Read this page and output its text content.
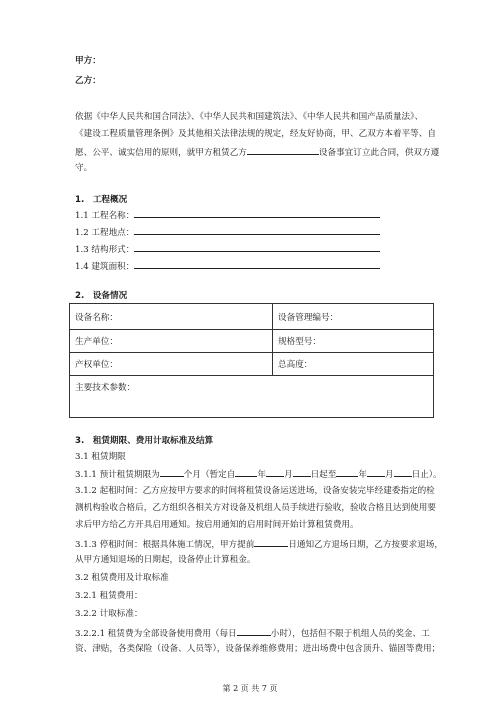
甲方：
乙方：
依据《中华人民共和国合同法》、《中华人民共和国建筑法》、《中华人民共和国产品质量法》、
《建设工程质量管理条例》及其他相关法律法规的规定，经友好协商，甲、乙双方本着平等、自
愿、公平、诚实信用的原则，就甲方租赁乙方	设备事宜订立此合同，供双方遵
守。
1.　工程概况
1.1 工程名称：
1.2 工程地点：
1.3 结构形式：
1.4 建筑面积：
2.　设备情况
设备名称：	设备管理编号：
生产单位：	规格型号：
产权单位：	总高度：
主要技术参数：	
3.　租赁期限、费用计取标准及结算
3.1 租赁期限
3.1.1 预计租赁期限为	个月（暂定自	年 月 日起至	年 月 日止）。
3.1.2 起租时间：乙方应按甲方要求的时间将租赁设备运送进场，设备安装完毕经建委指定的检
测机构验收合格后，乙方组织各相关方对设备及机组人员手续进行验收，验收合格且达到使用要
求后甲方给乙方开具启用通知。按启用通知的启用时间开始计算租赁费用。
3.1.3 停租时间：根据具体施工情况，甲方提前	日通知乙方退场日期，乙方按要求退场，
从甲方通知退场的日期起，设备停止计算租金。
3.2 租赁费用及计取标准
3.2.1 租赁费用：
3.2.2 计取标准：
3.2.2.1 租赁费为全部设备使用费用（每日	小时），包括但不限于机组人员的奖金、工
资、津贴，各类保险（设备、人员等），设备保养维修费用；进出场费中包含顶升、锚固等费用；
第 2 页 共 7 页
